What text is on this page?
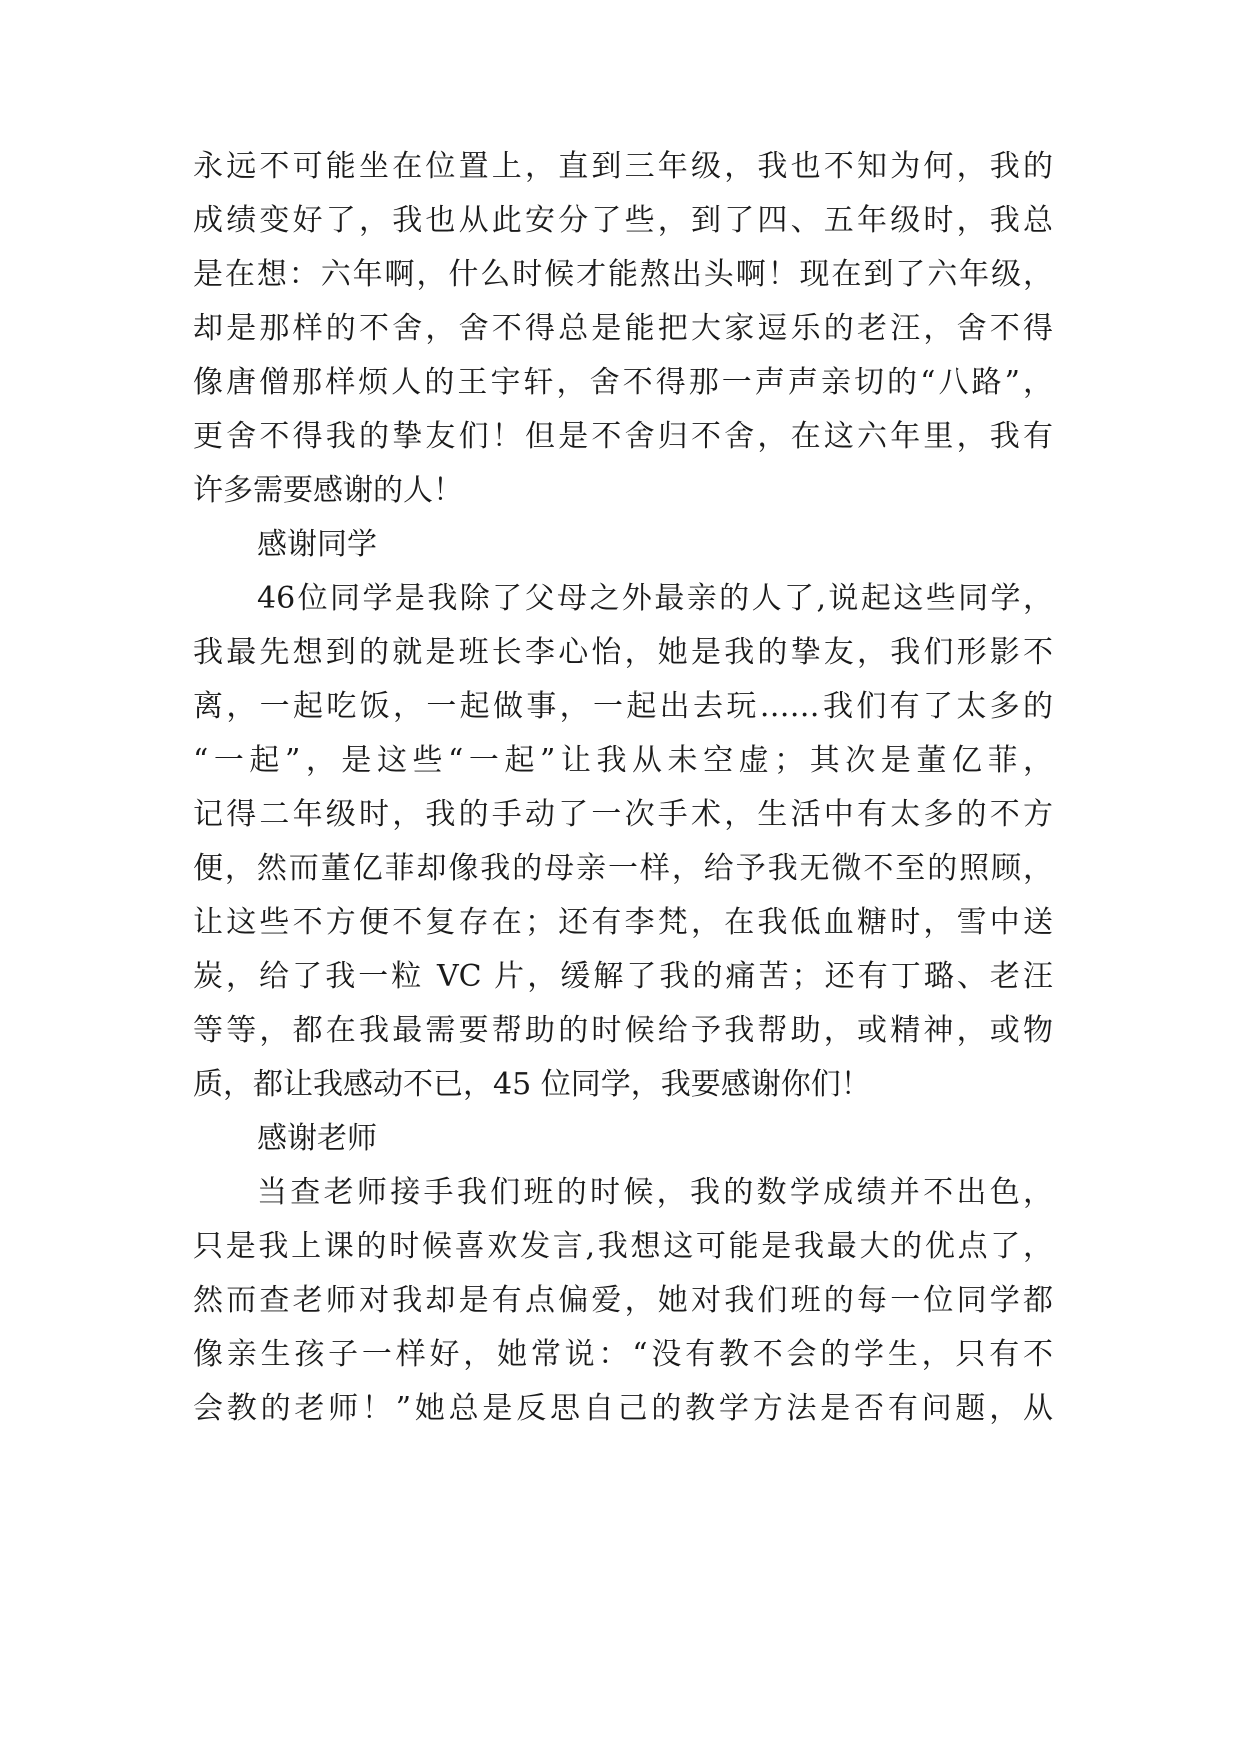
永远不可能坐在位置上，直到三年级，我也不知为何，我的
成绩变好了，我也从此安分了些，到了四、五年级时，我总
是在想：六年啊，什么时候才能熬出头啊！现在到了六年级，
却是那样的不舍，舍不得总是能把大家逗乐的老汪，舍不得
像唐僧那样烦人的王宇轩，舍不得那一声声亲切的“八路”，
更舍不得我的挚友们！但是不舍归不舍，在这六年里，我有
许多需要感谢的人！
感谢同学
46位同学是我除了父母之外最亲的人了,说起这些同学，
我最先想到的就是班长李心怡，她是我的挚友，我们形影不
离，一起吃饭，一起做事，一起出去玩……我们有了太多的
“一起”，是这些“一起”让我从未空虚；其次是董亿菲，
记得二年级时，我的手动了一次手术，生活中有太多的不方
便，然而董亿菲却像我的母亲一样，给予我无微不至的照顾，
让这些不方便不复存在；还有李梵，在我低血糖时，雪中送
炭，给了我一粒 VC 片，缓解了我的痛苦；还有丁璐、老汪
等等，都在我最需要帮助的时候给予我帮助，或精神，或物
质，都让我感动不已，45 位同学，我要感谢你们！
感谢老师
当查老师接手我们班的时候，我的数学成绩并不出色，
只是我上课的时候喜欢发言,我想这可能是我最大的优点了，
然而查老师对我却是有点偏爱，她对我们班的每一位同学都
像亲生孩子一样好，她常说：“没有教不会的学生，只有不
会教的老师！”她总是反思自己的教学方法是否有问题，从
